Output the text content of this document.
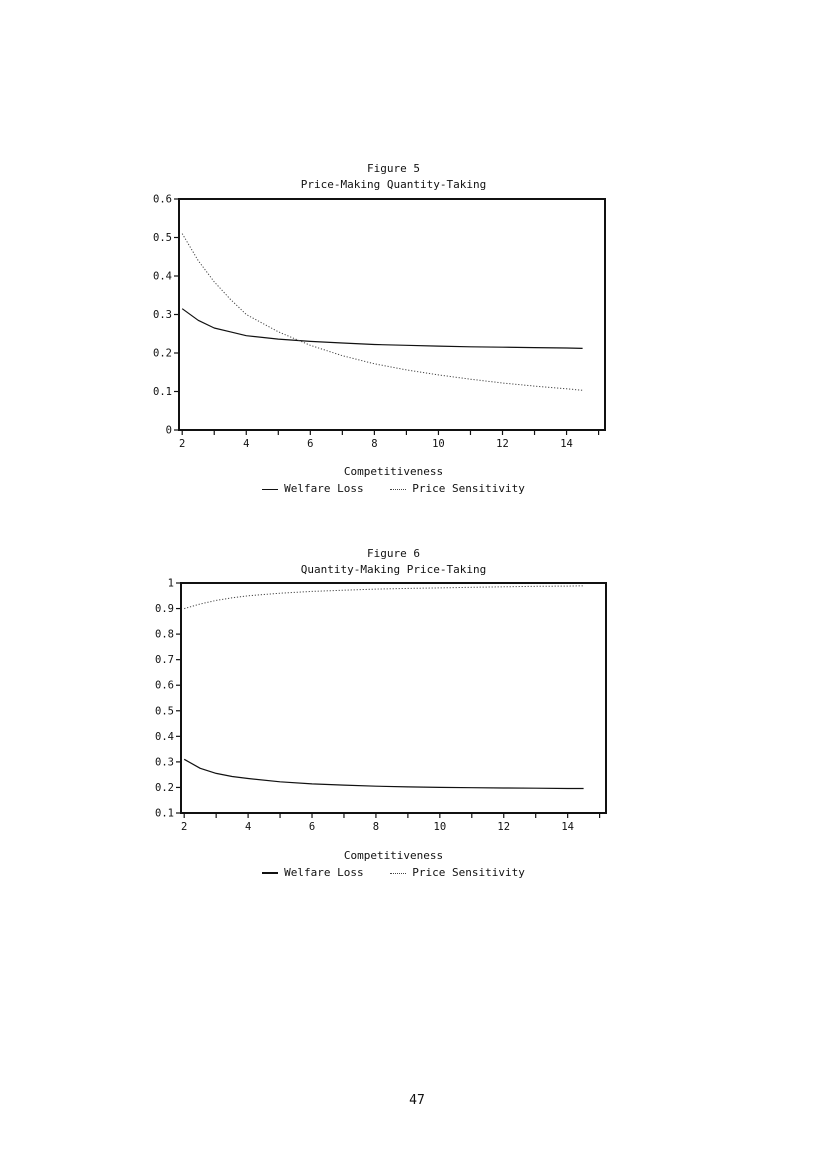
Figure 5
Price-Making Quantity-Taking
0
0.1
0.2
0.3
0.4
0.5
0.6
2	4	6	8	10	12	14
Competitiveness
Welfare Loss	Price Sensitivity
Figure 6
Quantity-Making Price-Taking
0.1
0.2
0.3
0.4
0.5
0.6
0.7
0.8
0.9
1
2	4	6	8	10	12	14
Competitiveness
Welfare Loss	Price Sensitivity
47
